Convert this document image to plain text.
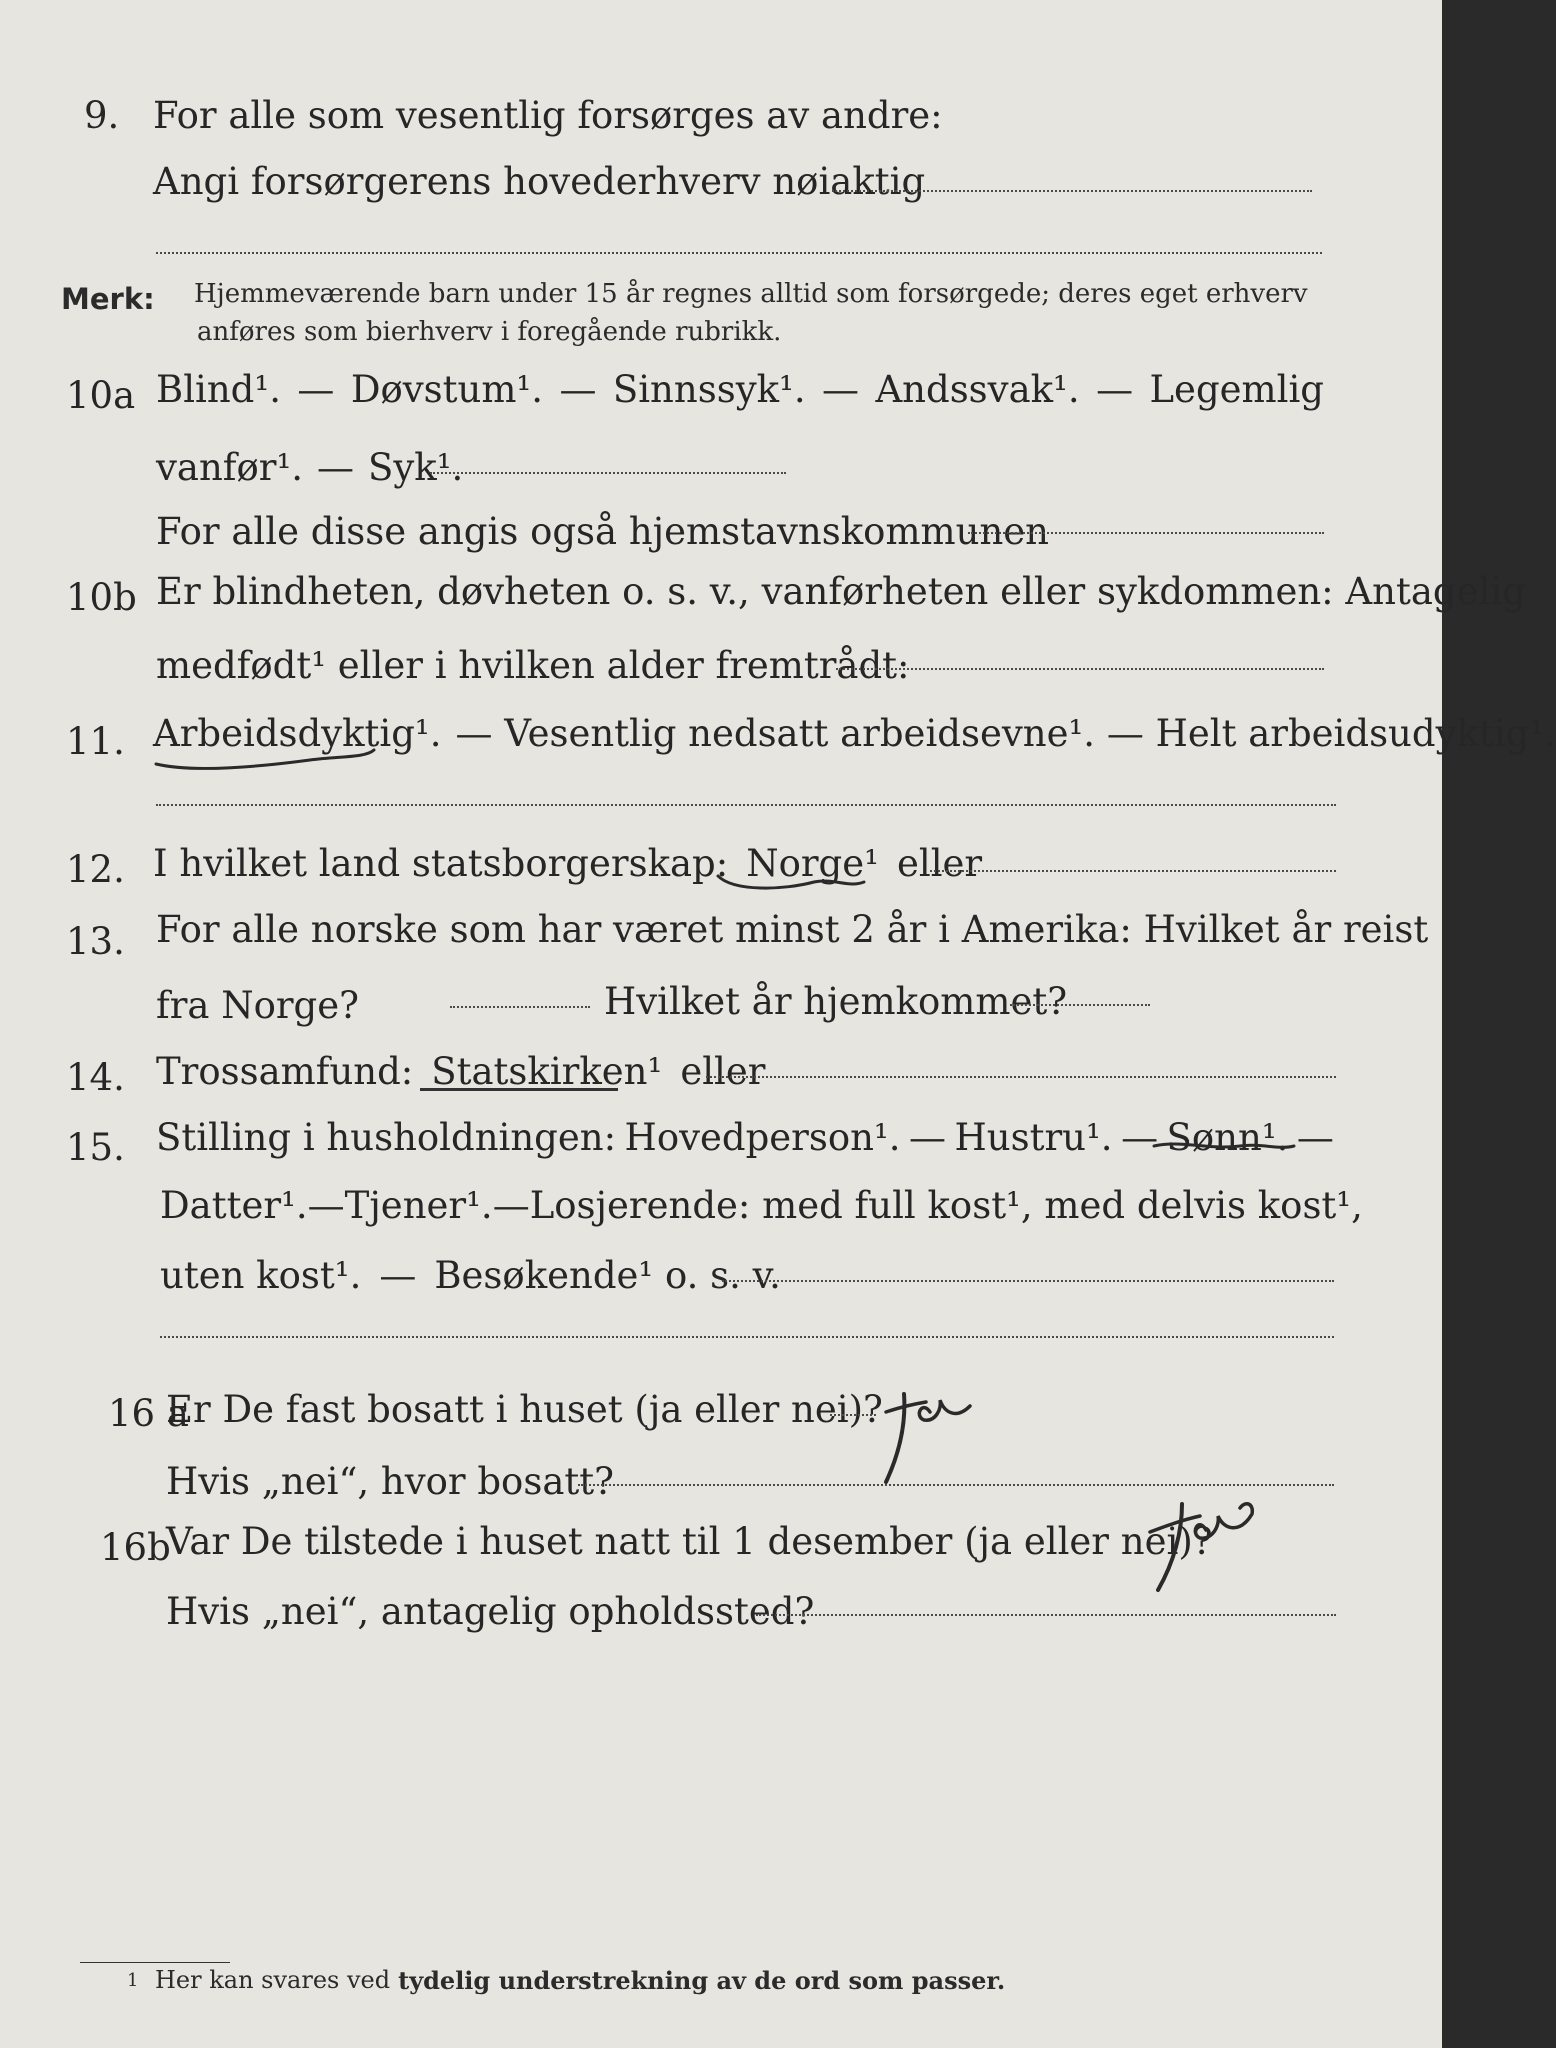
9. For alle som vesentlig forsørges av andre:
Angi forsørgerens hovederhverv nøiaktig
Merk: Hjemmeværende barn under 15 år regnes alltid som forsørgede; deres eget erhverv
anføres som bierhverv i foregående rubrikk.
10a Blind¹. — Døvstum¹. — Sinnssyk¹. — Andssvak¹. — Legemlig
vanfør¹. — Syk¹.
For alle disse angis også hjemstavnskommunen
10b Er blindheten, døvheten o. s. v., vanførheten eller sykdommen: Antagelig
medfødt¹ eller i hvilken alder fremtrådt:
11. Arbeidsdyktig¹. — Vesentlig nedsatt arbeidsevne¹. — Helt arbeidsudyktig¹.
12. I hvilket land statsborgerskap: Norge¹ eller
13. For alle norske som har været minst 2 år i Amerika: Hvilket år reist
fra Norge?	Hvilket år hjemkommet?
14. Trossamfund: Statskirken¹ eller
15. Stilling i husholdningen: Hovedperson¹. — Hustru¹. — Sønn¹. —
Datter¹. — Tjener¹. — Losjerende: med full kost¹, med delvis kost¹,
uten kost¹. — Besøkende¹ o. s. v.
16 a
Er De fast bosatt i huset (ja eller nei)?
Hvis „nei“, hvor bosatt?
16b
Var De tilstede i huset natt til 1 desember (ja eller nei)?
Hvis „nei“, antagelig opholdssted?
1 Her kan svares ved tydelig understrekning av de ord som passer.
